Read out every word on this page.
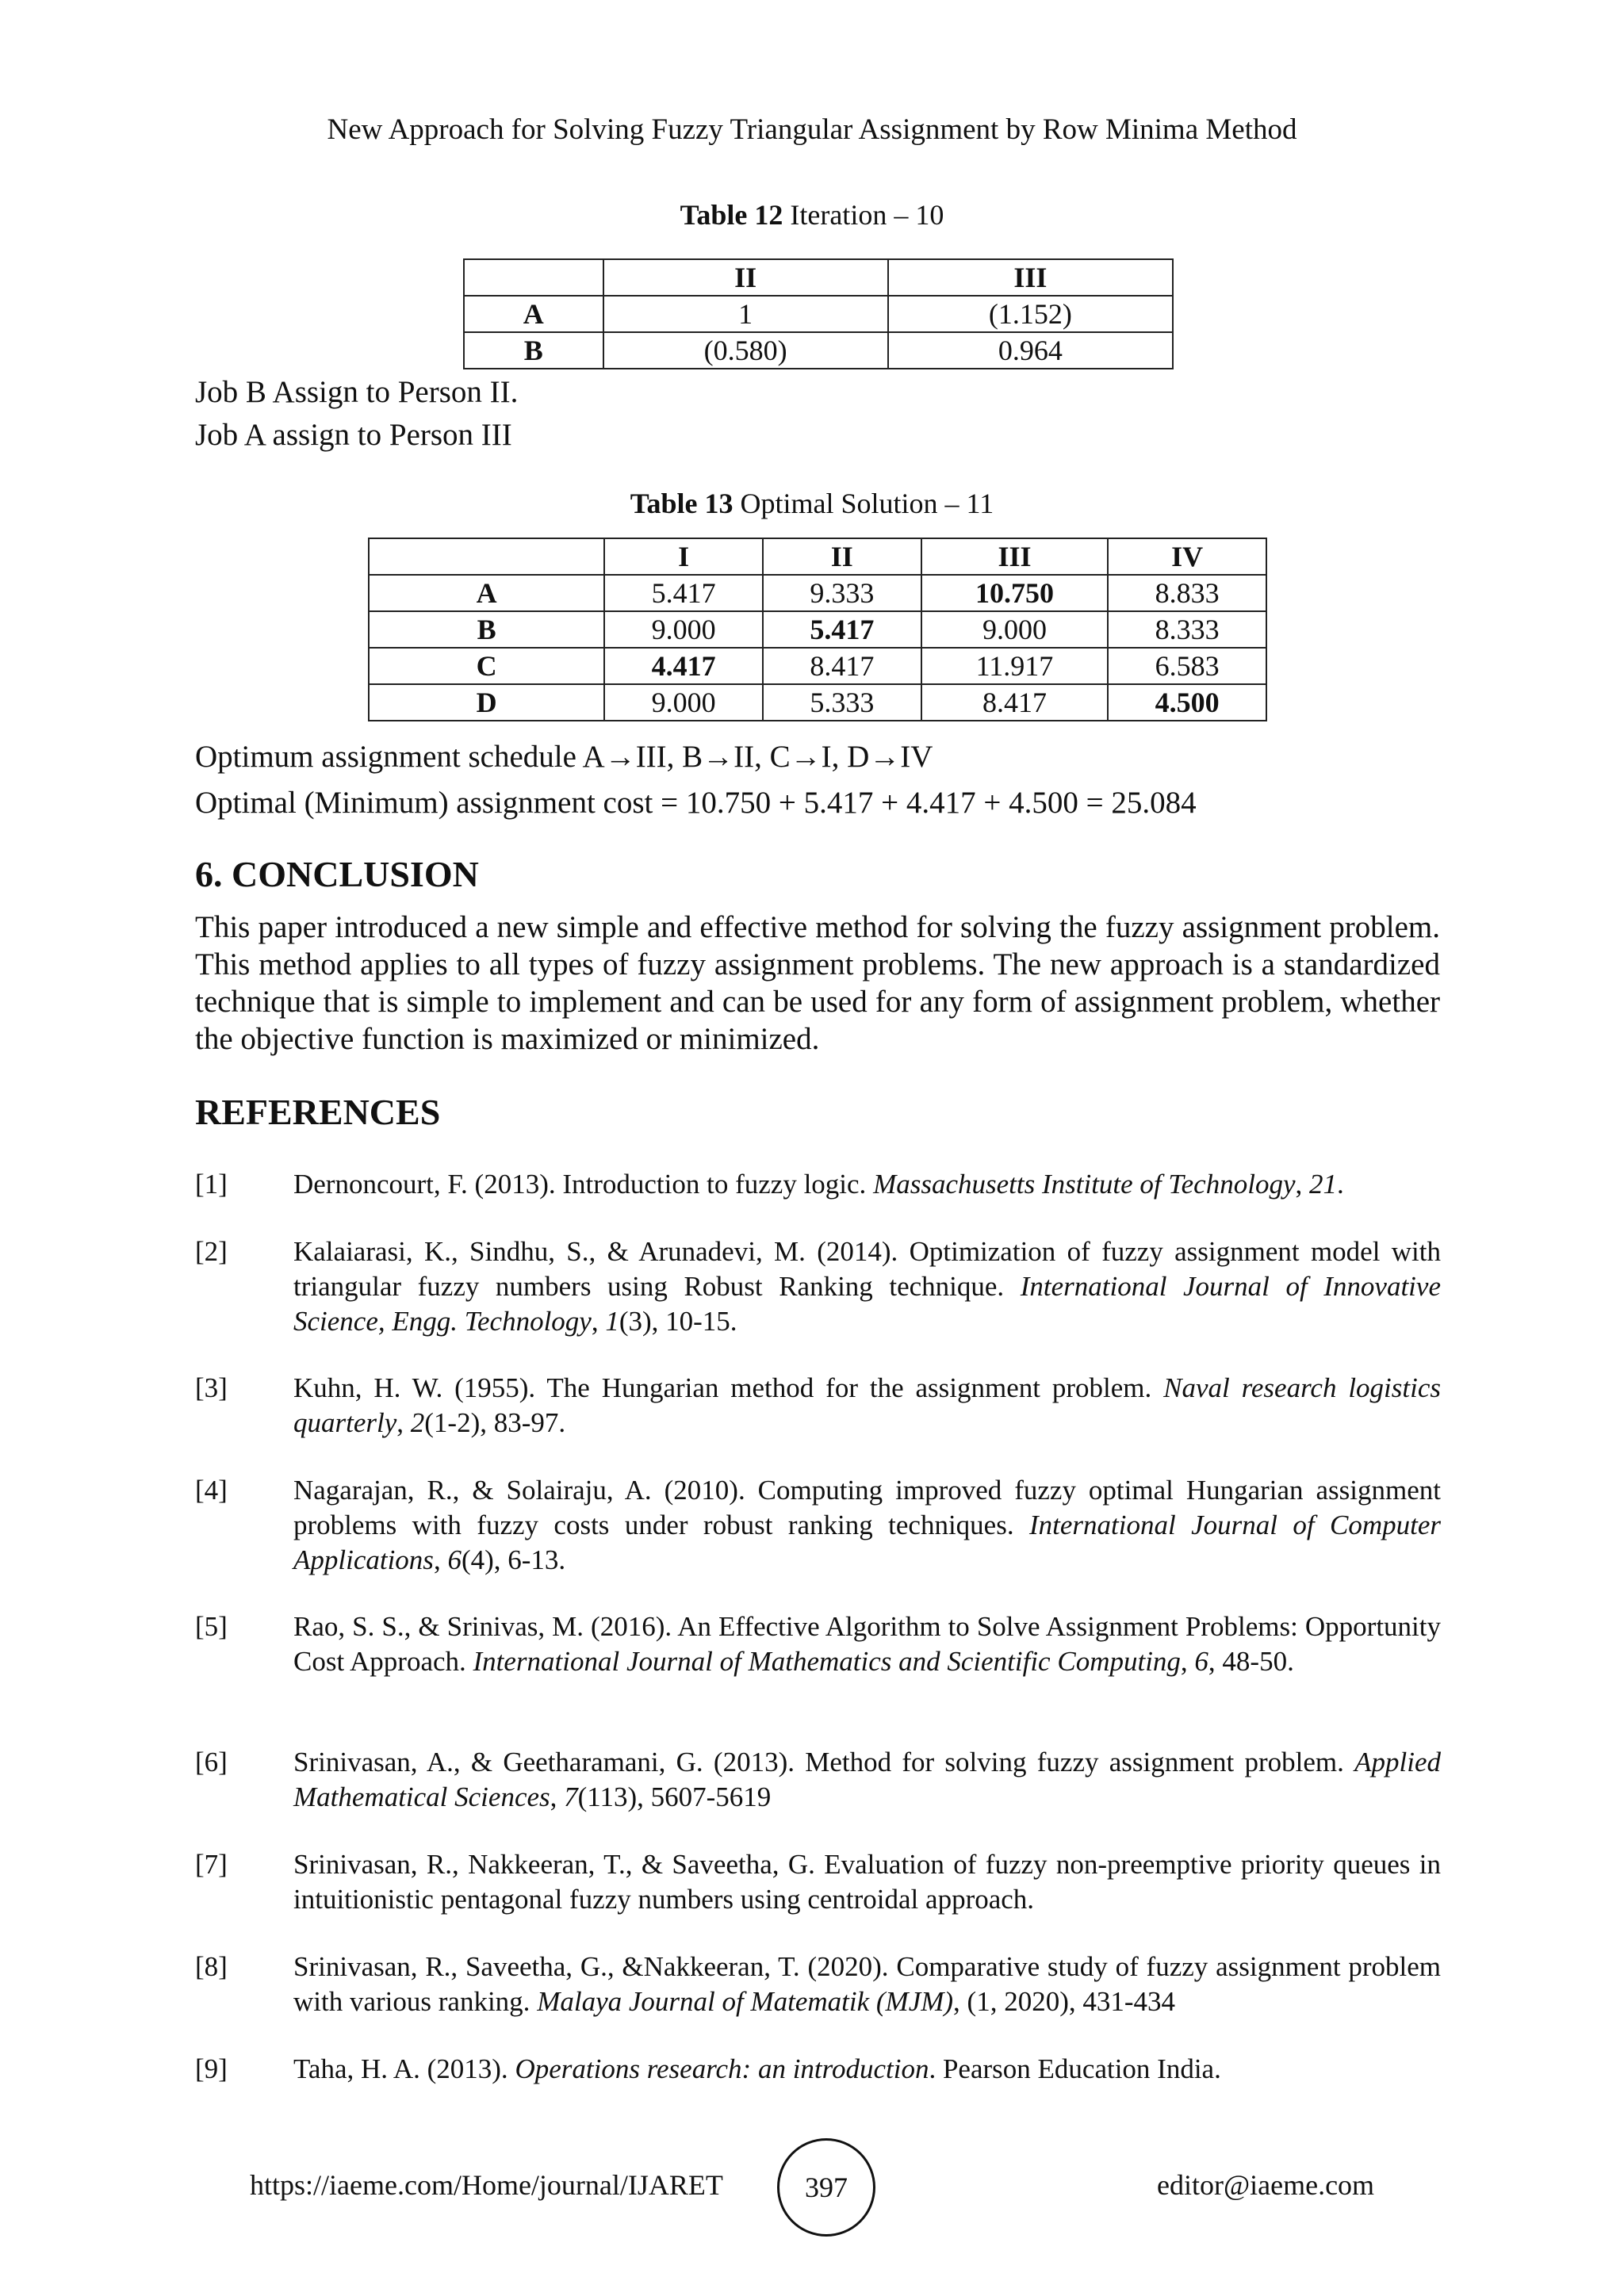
New Approach for Solving Fuzzy Triangular Assignment by Row Minima Method
Table 12 Iteration – 10
	II	III
A	1	(1.152)
B	(0.580)	0.964
Job B Assign to Person II.
Job A assign to Person III
Table 13 Optimal Solution – 11
	I	II	III	IV
A	5.417	9.333	10.750	8.833
B	9.000	5.417	9.000	8.333
C	4.417	8.417	11.917	6.583
D	9.000	5.333	8.417	4.500
Optimum assignment schedule A→III, B→II, C→I, D→IV
Optimal (Minimum) assignment cost = 10.750 + 5.417 + 4.417 + 4.500 = 25.084
6. CONCLUSION
This paper introduced a new simple and effective method for solving the fuzzy assignment problem. This method applies to all types of fuzzy assignment problems. The new approach is a standardized technique that is simple to implement and can be used for any form of assignment problem, whether the objective function is maximized or minimized.
REFERENCES
[1] Dernoncourt, F. (2013). Introduction to fuzzy logic. Massachusetts Institute of Technology, 21.
[2] Kalaiarasi, K., Sindhu, S., & Arunadevi, M. (2014). Optimization of fuzzy assignment model with triangular fuzzy numbers using Robust Ranking technique. International Journal of Innovative Science, Engg. Technology, 1(3), 10-15.
[3] Kuhn, H. W. (1955). The Hungarian method for the assignment problem. Naval research logistics quarterly, 2(1-2), 83-97.
[4] Nagarajan, R., & Solairaju, A. (2010). Computing improved fuzzy optimal Hungarian assignment problems with fuzzy costs under robust ranking techniques. International Journal of Computer Applications, 6(4), 6-13.
[5] Rao, S. S., & Srinivas, M. (2016). An Effective Algorithm to Solve Assignment Problems: Opportunity Cost Approach. International Journal of Mathematics and Scientific Computing, 6, 48-50.
[6] Srinivasan, A., & Geetharamani, G. (2013). Method for solving fuzzy assignment problem. Applied Mathematical Sciences, 7(113), 5607-5619
[7] Srinivasan, R., Nakkeeran, T., & Saveetha, G. Evaluation of fuzzy non-preemptive priority queues in intuitionistic pentagonal fuzzy numbers using centroidal approach.
[8] Srinivasan, R., Saveetha, G., &Nakkeeran, T. (2020). Comparative study of fuzzy assignment problem with various ranking. Malaya Journal of Matematik (MJM), (1, 2020), 431-434
[9] Taha, H. A. (2013). Operations research: an introduction. Pearson Education India.
https://iaeme.com/Home/journal/IJARET	397	editor@iaeme.com
